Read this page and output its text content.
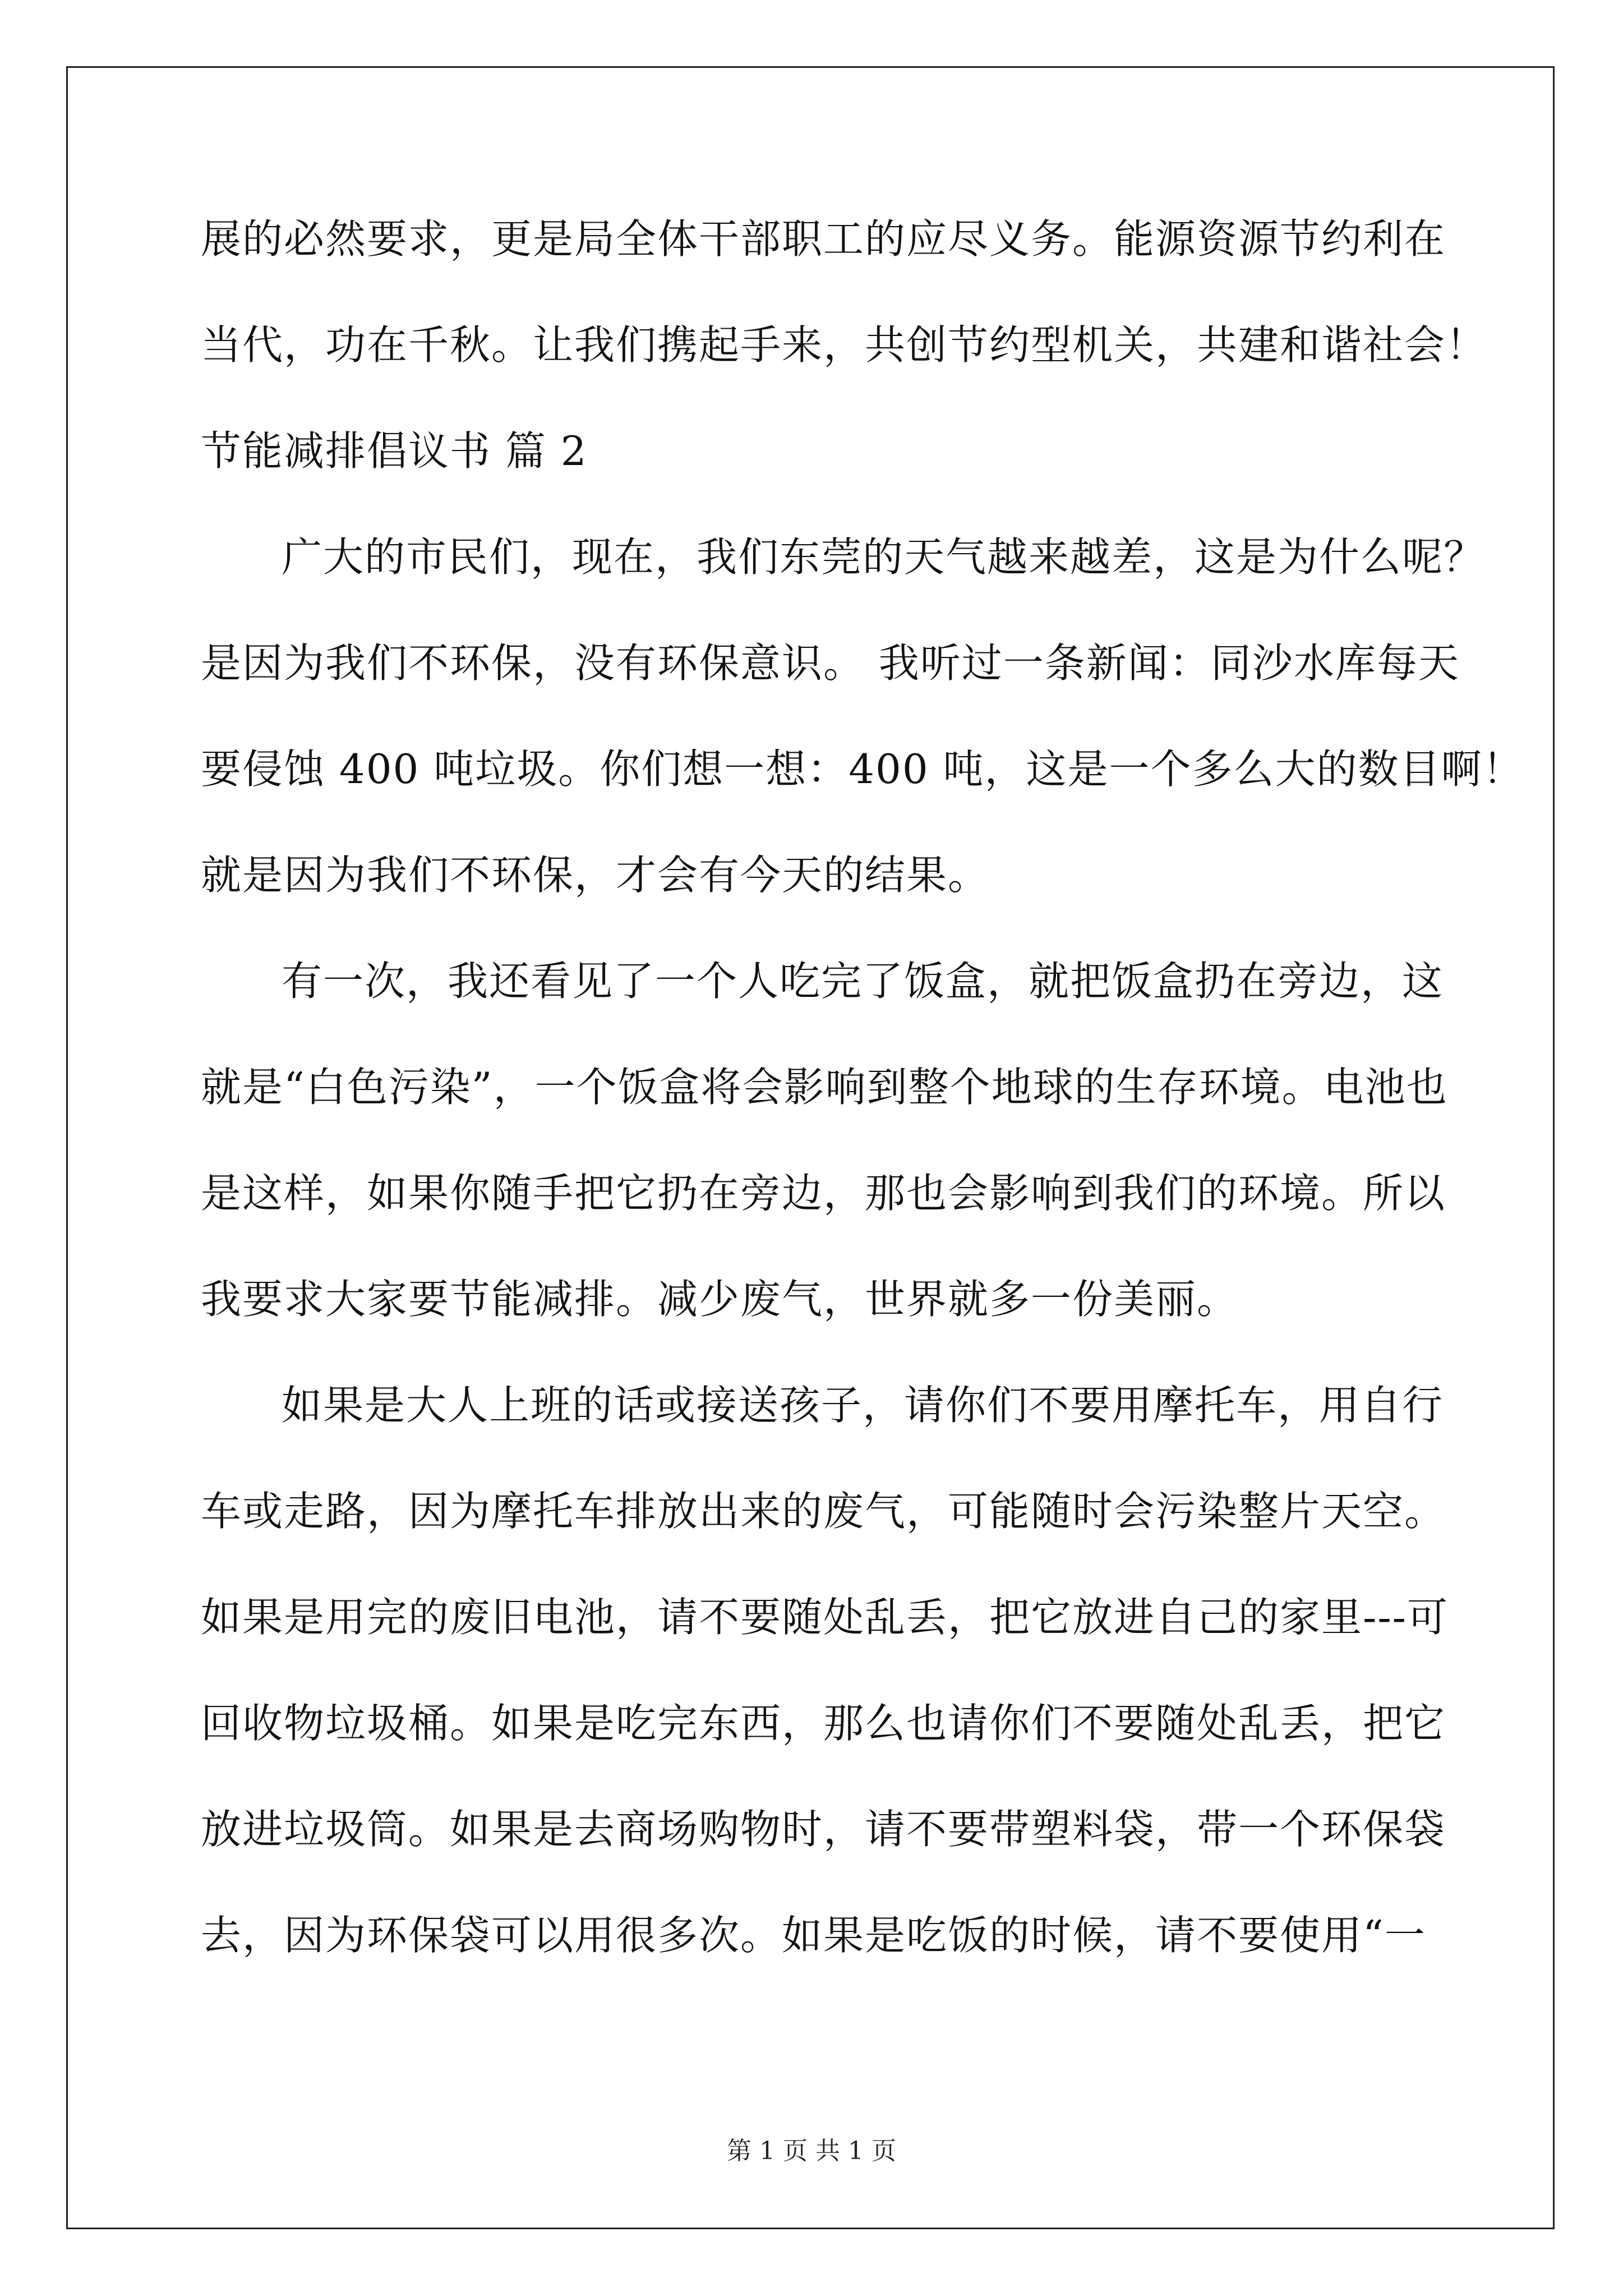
展的必然要求，更是局全体干部职工的应尽义务。能源资源节约利在
当代，功在千秋。让我们携起手来，共创节约型机关，共建和谐社会！
节能减排倡议书 篇 2
广大的市民们，现在，我们东莞的天气越来越差，这是为什么呢？
是因为我们不环保，没有环保意识。 我听过一条新闻：同沙水库每天
要侵蚀 400 吨垃圾。你们想一想：400 吨，这是一个多么大的数目啊！
就是因为我们不环保，才会有今天的结果。
有一次，我还看见了一个人吃完了饭盒，就把饭盒扔在旁边，这
就是“白色污染”，一个饭盒将会影响到整个地球的生存环境。电池也
是这样，如果你随手把它扔在旁边，那也会影响到我们的环境。所以
我要求大家要节能减排。减少废气，世界就多一份美丽。
如果是大人上班的话或接送孩子，请你们不要用摩托车，用自行
车或走路，因为摩托车排放出来的废气，可能随时会污染整片天空。
如果是用完的废旧电池，请不要随处乱丢，把它放进自己的家里---可
回收物垃圾桶。如果是吃完东西，那么也请你们不要随处乱丢，把它
放进垃圾筒。如果是去商场购物时，请不要带塑料袋，带一个环保袋
去，因为环保袋可以用很多次。如果是吃饭的时候，请不要使用“一
第 1 页 共 1 页
